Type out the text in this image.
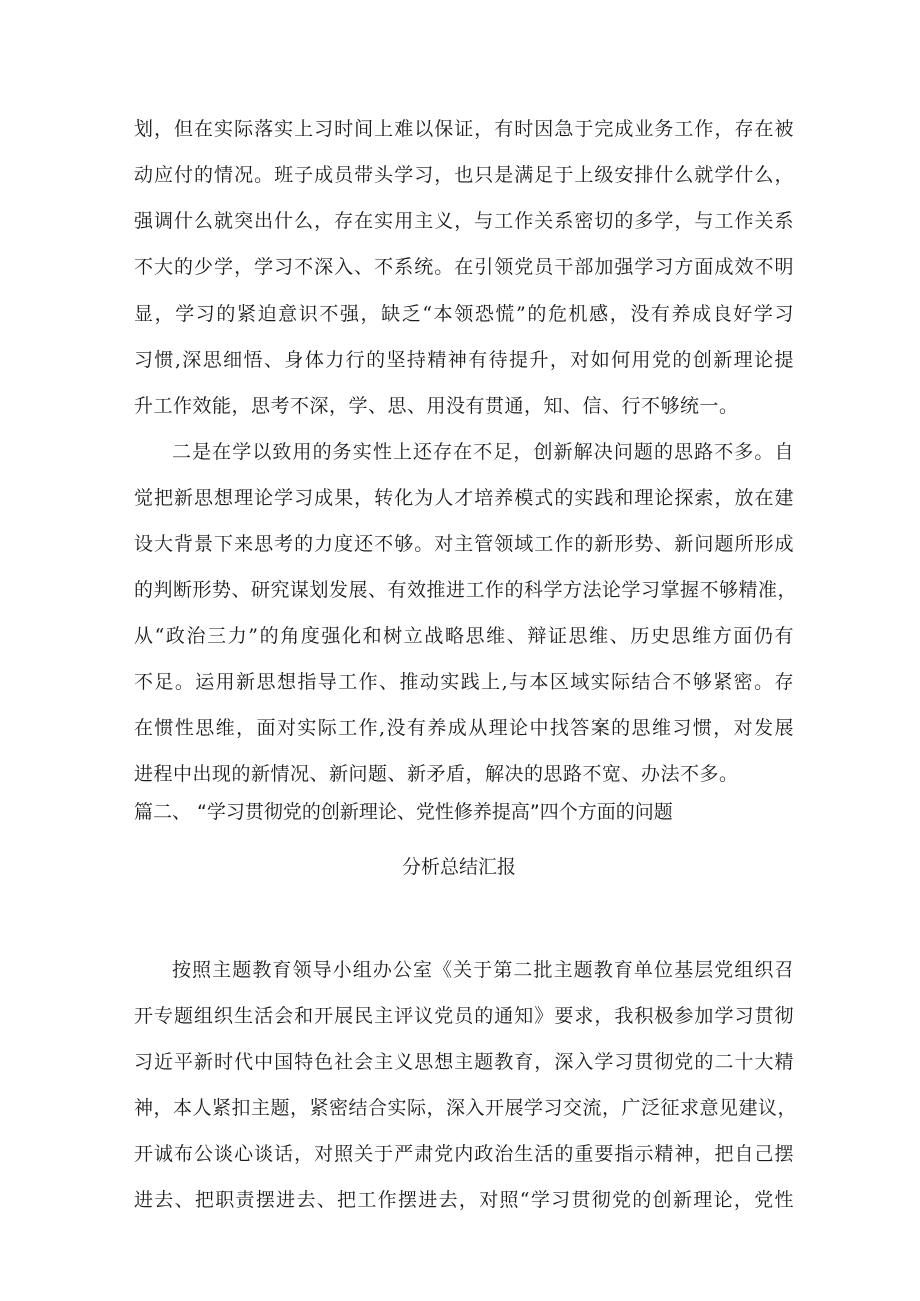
划，但在实际落实上习时间上难以保证，有时因急于完成业务工作，存在被
动应付的情况。班子成员带头学习，也只是满足于上级安排什么就学什么，
强调什么就突出什么，存在实用主义，与工作关系密切的多学，与工作关系
不大的少学，学习不深入、不系统。在引领党员干部加强学习方面成效不明
显，学习的紧迫意识不强，缺乏“本领恐慌”的危机感，没有养成良好学习
习惯,深思细悟、身体力行的坚持精神有待提升，对如何用党的创新理论提
升工作效能，思考不深，学、思、用没有贯通，知、信、行不够统一。
二是在学以致用的务实性上还存在不足，创新解决问题的思路不多。自
觉把新思想理论学习成果，转化为人才培养模式的实践和理论探索，放在建
设大背景下来思考的力度还不够。对主管领域工作的新形势、新问题所形成
的判断形势、研究谋划发展、有效推进工作的科学方法论学习掌握不够精准，
从“政治三力”的角度强化和树立战略思维、辩证思维、历史思维方面仍有
不足。运用新思想指导工作、推动实践上,与本区域实际结合不够紧密。存
在惯性思维，面对实际工作,没有养成从理论中找答案的思维习惯，对发展
进程中出现的新情况、新问题、新矛盾，解决的思路不宽、办法不多。
篇二、 “学习贯彻党的创新理论、党性修养提高”四个方面的问题
分析总结汇报
按照主题教育领导小组办公室《关于第二批主题教育单位基层党组织召
开专题组织生活会和开展民主评议党员的通知》要求，我积极参加学习贯彻
习近平新时代中国特色社会主义思想主题教育，深入学习贯彻党的二十大精
神，本人紧扣主题，紧密结合实际，深入开展学习交流，广泛征求意见建议，
开诚布公谈心谈话，对照关于严肃党内政治生活的重要指示精神，把自己摆
进去、把职责摆进去、把工作摆进去，对照“学习贯彻党的创新理论，党性
